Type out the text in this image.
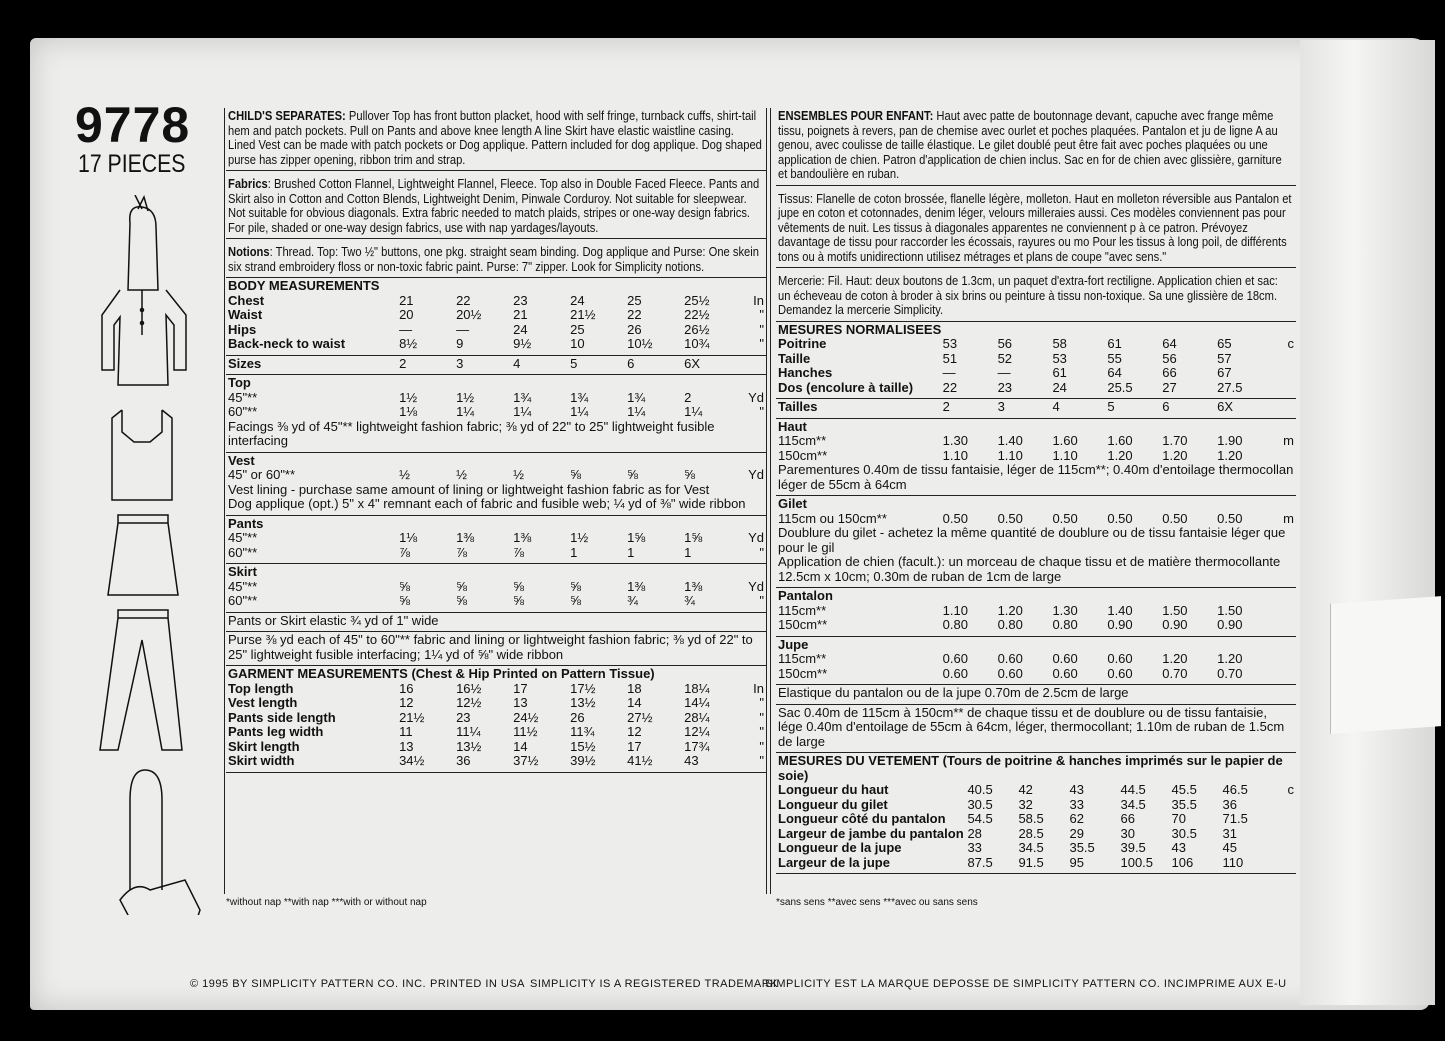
9778
17 PIECES

CHILD'S SEPARATES: Pullover Top has front button placket, hood with self fringe, turnback cuffs, shirt-tail hem and patch pockets. Pull on Pants and above knee length A line Skirt have elastic waistline casing. Lined Vest can be made with patch pockets or Dog applique. Pattern included for dog applique. Dog shaped purse has zipper opening, ribbon trim and strap.

Fabrics: Brushed Cotton Flannel, Lightweight Flannel, Fleece. Top also in Double Faced Fleece. Pants and Skirt also in Cotton and Cotton Blends, Lightweight Denim, Pinwale Corduroy. Not suitable for sleepwear. Not suitable for obvious diagonals. Extra fabric needed to match plaids, stripes or one-way design fabrics. For pile, shaded or one-way design fabrics, use with nap yardages/layouts.

Notions: Thread. Top: Two ½" buttons, one pkg. straight seam binding. Dog applique and Purse: One skein six strand embroidery floss or non-toxic fabric paint. Purse: 7" zipper. Look for Simplicity notions.

BODY MEASUREMENTS
Chest	21	22	23	24	25	25½	In
Waist	20	20½	21	21½	22	22½	"
Hips	—	—	24	25	26	26½	"
Back-neck to waist	8½	9	9½	10	10½	10¾	"
Sizes	2	3	4	5	6	6X	
Top
45"**	1½	1½	1¾	1¾	1¾	2	Yd
60"**	1⅛	1¼	1¼	1¼	1¼	1¼	"
Facings ⅜ yd of 45"** lightweight fashion fabric; ⅜ yd of 22" to 25" lightweight fusible interfacing
Vest
45" or 60"**	½	½	½	⅝	⅝	⅝	Yd
Vest lining - purchase same amount of lining or lightweight fashion fabric as for Vest
Dog applique (opt.) 5" x 4" remnant each of fabric and fusible web; ¼ yd of ⅜" wide ribbon
Pants
45"**	1⅛	1⅜	1⅜	1½	1⅝	1⅝	Yd
60"**	⅞	⅞	⅞	1	1	1	"
Skirt
45"**	⅝	⅝	⅝	⅝	1⅜	1⅜	Yd
60"**	⅝	⅝	⅝	⅝	¾	¾	"
Pants or Skirt elastic ¾ yd of 1" wide
Purse ⅜ yd each of 45" to 60"** fabric and lining or lightweight fashion fabric; ⅜ yd of 22" to 25" lightweight fusible interfacing; 1¼ yd of ⅝" wide ribbon
GARMENT MEASUREMENTS (Chest & Hip Printed on Pattern Tissue)
Top length	16	16½	17	17½	18	18¼	In
Vest length	12	12½	13	13½	14	14¼	"
Pants side length	21½	23	24½	26	27½	28¼	"
Pants leg width	11	11¼	11½	11¾	12	12¼	"
Skirt length	13	13½	14	15½	17	17¾	"
Skirt width	34½	36	37½	39½	41½	43	"

ENSEMBLES POUR ENFANT: Haut avec patte de boutonnage devant, capuche avec frange même tissu, poignets à revers, pan de chemise avec ourlet et poches plaquées. Pantalon et ju de ligne A au genou, avec coulisse de taille élastique. Le gilet doublé peut être fait avec poches plaquées ou une application de chien. Patron d'application de chien inclus. Sac en for de chien avec glissière, garniture et bandoulière en ruban.

Tissus: Flanelle de coton brossée, flanelle légère, molleton. Haut en molleton réversible aus Pantalon et jupe en coton et cotonnades, denim léger, velours milleraies aussi. Ces modèles conviennent pas pour vêtements de nuit. Les tissus à diagonales apparentes ne conviennent p à ce patron. Prévoyez davantage de tissu pour raccorder les écossais, rayures ou mo Pour les tissus à long poil, de différents tons ou à motifs unidirectionn utilisez métrages et plans de coupe "avec sens."

Mercerie: Fil. Haut: deux boutons de 1.3cm, un paquet d'extra-fort rectiligne. Application chien et sac: un écheveau de coton à broder à six brins ou peinture à tissu non-toxique. Sa une glissière de 18cm. Demandez la mercerie Simplicity.

MESURES NORMALISEES
Poitrine	53	56	58	61	64	65	c
Taille	51	52	53	55	56	57	
Hanches	—	—	61	64	66	67	
Dos (encolure à taille)	22	23	24	25.5	27	27.5	
Tailles	2	3	4	5	6	6X	
Haut
115cm**	1.30	1.40	1.60	1.60	1.70	1.90	m
150cm**	1.10	1.10	1.10	1.20	1.20	1.20	
Parementures 0.40m de tissu fantaisie, léger de 115cm**; 0.40m d'entoilage thermocollan léger de 55cm à 64cm
Gilet
115cm ou 150cm**	0.50	0.50	0.50	0.50	0.50	0.50	m
Doublure du gilet - achetez la même quantité de doublure ou de tissu fantaisie léger que pour le gil
Application de chien (facult.): un morceau de chaque tissu et de matière thermocollante 12.5cm x 10cm; 0.30m de ruban de 1cm de large
Pantalon
115cm**	1.10	1.20	1.30	1.40	1.50	1.50	
150cm**	0.80	0.80	0.80	0.90	0.90	0.90	
Jupe
115cm**	0.60	0.60	0.60	0.60	1.20	1.20	
150cm**	0.60	0.60	0.60	0.60	0.70	0.70	
Elastique du pantalon ou de la jupe 0.70m de 2.5cm de large
Sac 0.40m de 115cm à 150cm** de chaque tissu et de doublure ou de tissu fantaisie, lége 0.40m d'entoilage de 55cm à 64cm, léger, thermocollant; 1.10m de ruban de 1.5cm de large
MESURES DU VETEMENT (Tours de poitrine & hanches imprimés sur le papier de soie)
Longueur du haut	40.5	42	43	44.5	45.5	46.5	c
Longueur du gilet	30.5	32	33	34.5	35.5	36	
Longueur côté du pantalon	54.5	58.5	62	66	70	71.5	
Largeur de jambe du pantalon	28	28.5	29	30	30.5	31	
Longueur de la jupe	33	34.5	35.5	39.5	43	45	
Largeur de la jupe	87.5	91.5	95	100.5	106	110	
*without nap **with nap ***with or without nap	*sans sens **avec sens ***avec ou sans sens
© 1995 BY SIMPLICITY PATTERN CO. INC. PRINTED IN USA SIMPLICITY IS A REGISTERED TRADEMARK
SIMPLICITY EST LA MARQUE DEPOSSE DE SIMPLICITY PATTERN CO. INC.
IMPRIME AUX E-U
